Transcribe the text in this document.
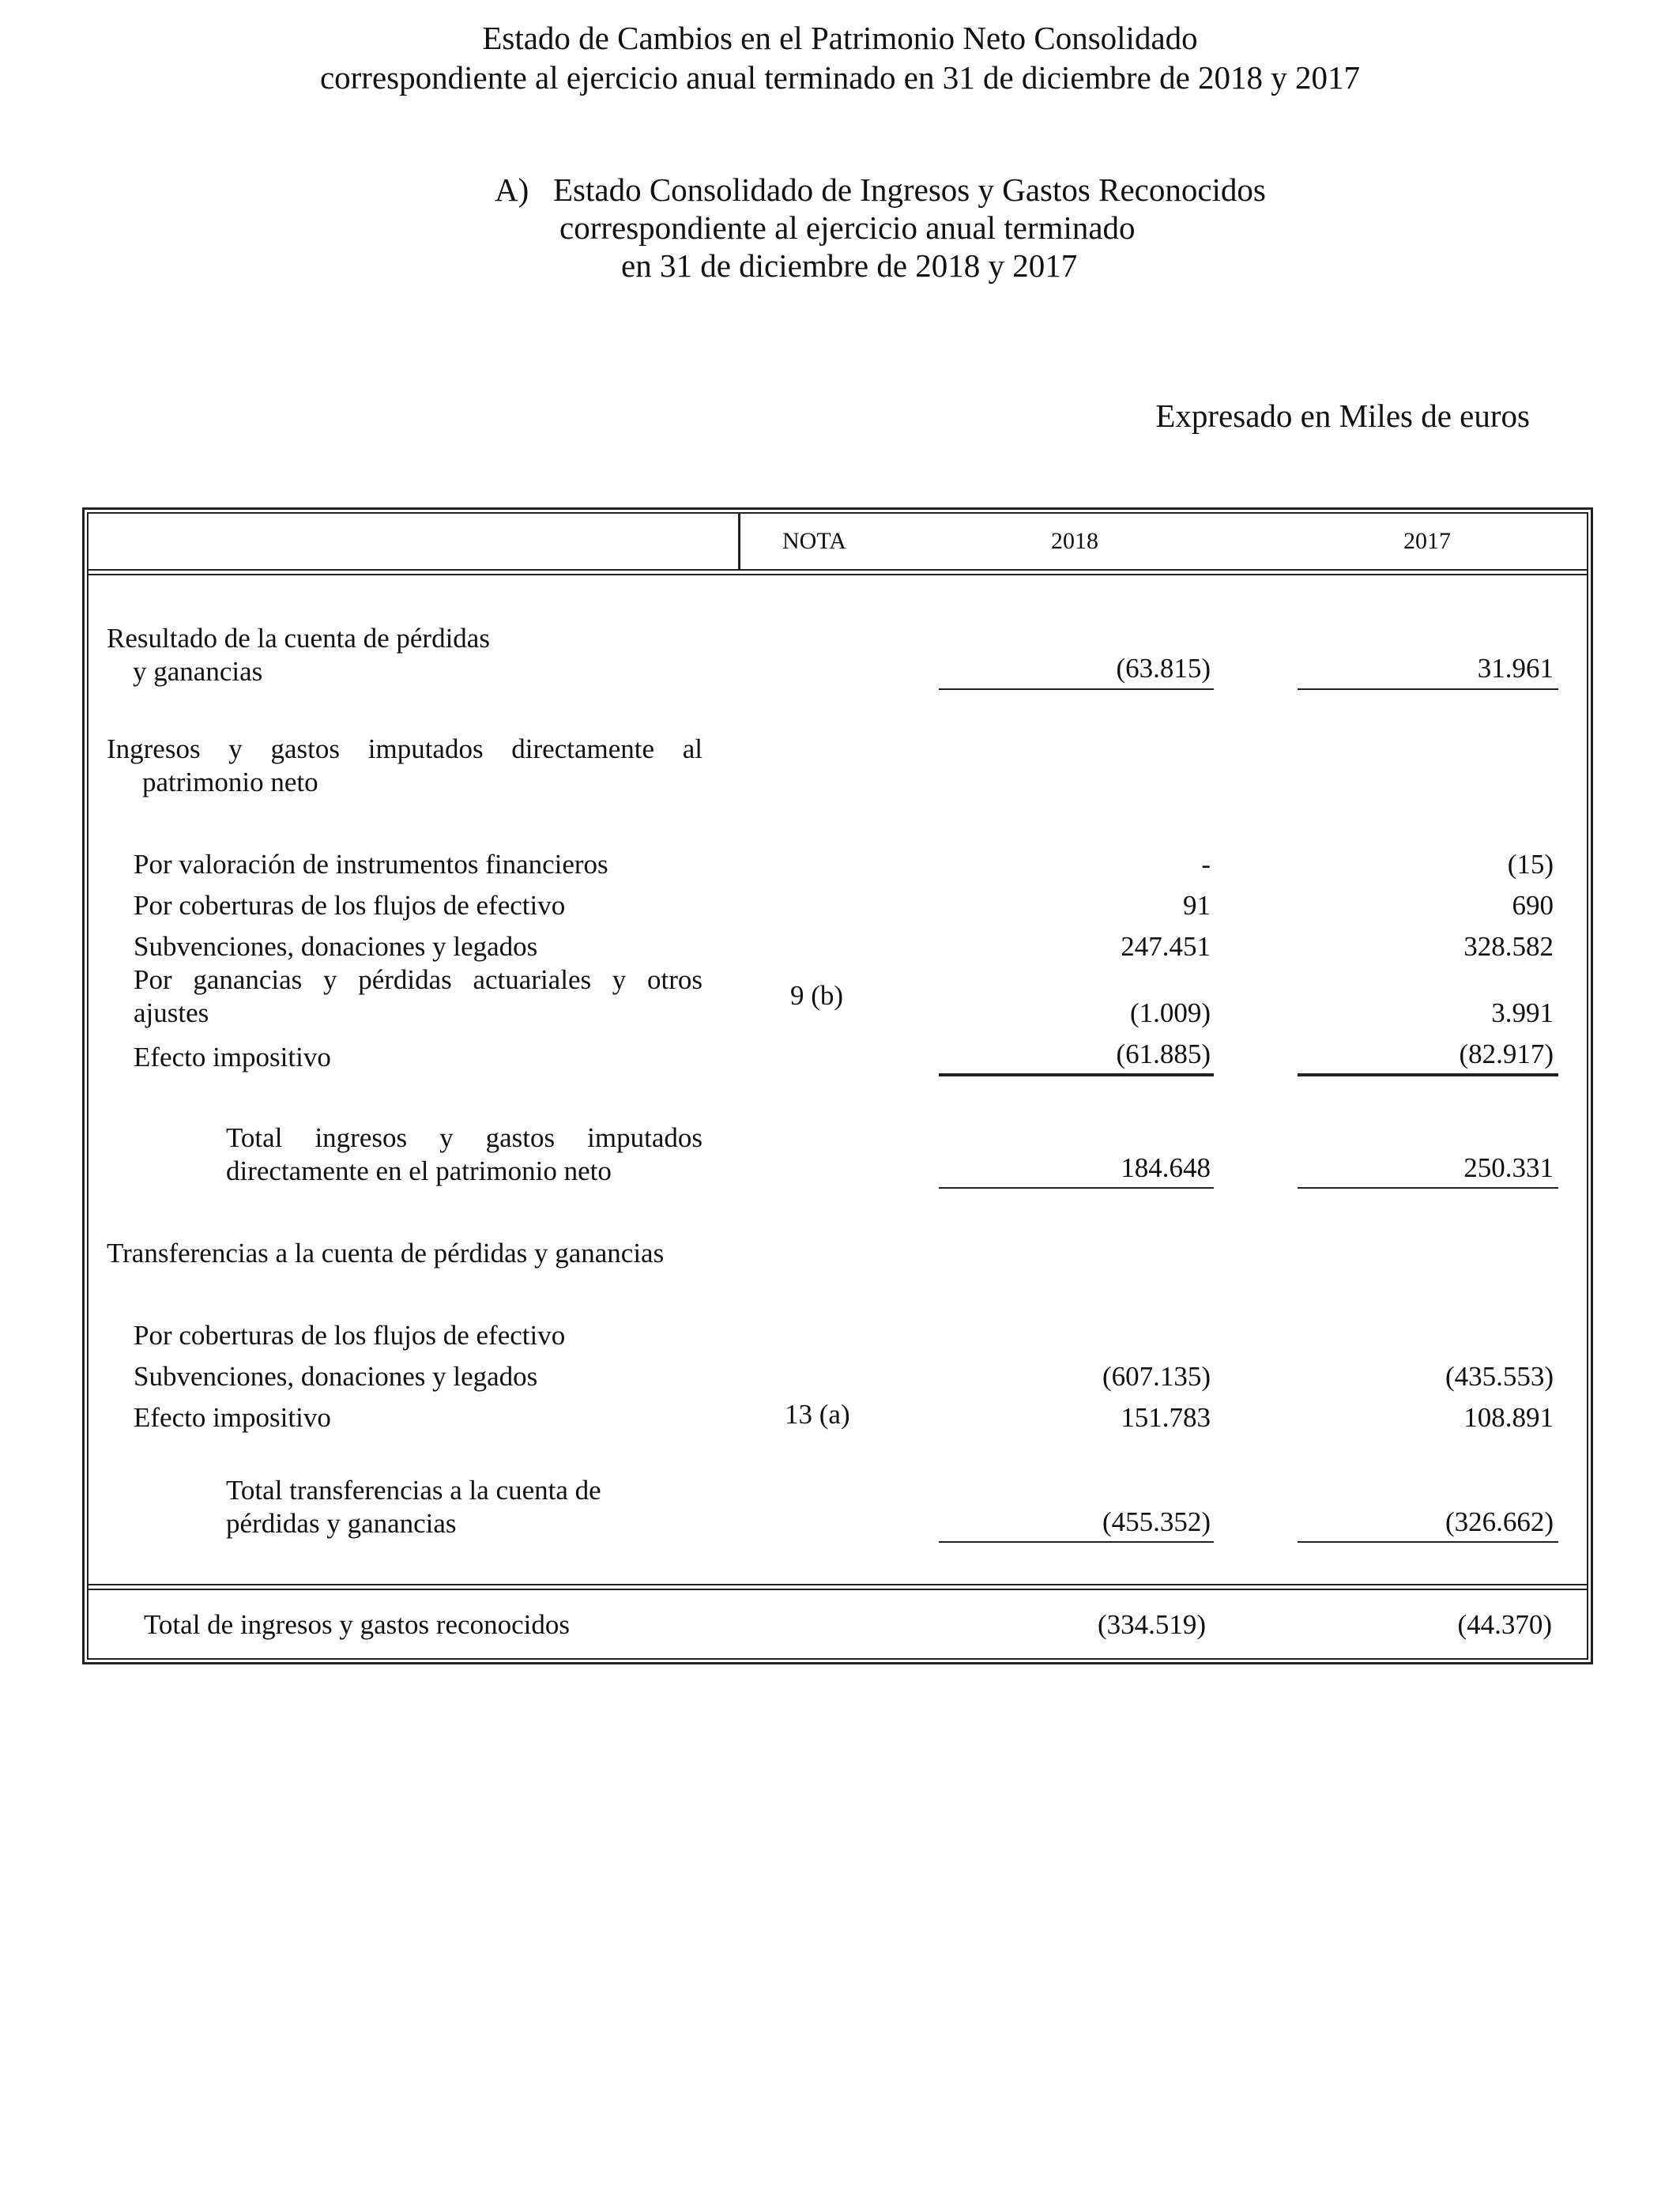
Estado de Cambios en el Patrimonio Neto Consolidado
correspondiente al ejercicio anual terminado en 31 de diciembre de 2018 y 2017
A) Estado Consolidado de Ingresos y Gastos Reconocidos
correspondiente al ejercicio anual terminado
en 31 de diciembre de 2018 y 2017
Expresado en Miles de euros
NOTA	2018	2017
Resultado de la cuenta de pérdidas
y ganancias	(63.815)	31.961
Ingresos y gastos imputados directamente al
patrimonio neto
Por valoración de instrumentos financieros	-	(15)
Por coberturas de los flujos de efectivo	91	690
Subvenciones, donaciones y legados	247.451	328.582
Por ganancias y pérdidas actuariales y otros
ajustes	(1.009)	3.991
9 (b)
Efecto impositivo	(61.885)	(82.917)
Total ingresos y gastos imputados
directamente en el patrimonio neto	184.648	250.331
Transferencias a la cuenta de pérdidas y ganancias
Por coberturas de los flujos de efectivo
Subvenciones, donaciones y legados	(607.135)	(435.553)
Efecto impositivo	151.783	108.891
13 (a)
Total transferencias a la cuenta de
pérdidas y ganancias	(455.352)	(326.662)
Total de ingresos y gastos reconocidos	(334.519)	(44.370)
